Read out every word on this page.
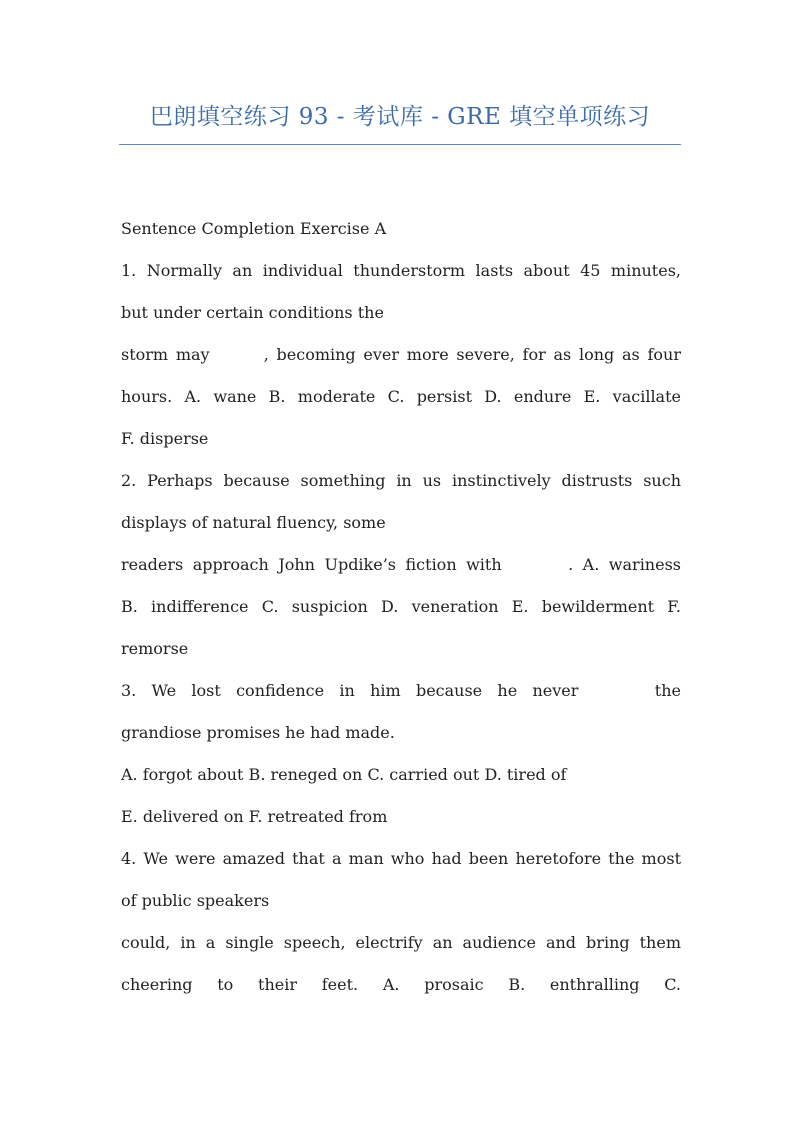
巴朗填空练习 93 - 考试库 - GRE 填空单项练习
Sentence Completion Exercise A
1. Normally an individual thunderstorm lasts about 45 minutes,
but under certain conditions the
storm may       , becoming ever more severe, for as long as four
hours. A. wane B. moderate C. persist D. endure E. vacillate
F. disperse
2. Perhaps because something in us instinctively distrusts such
displays of natural fluency, some
readers approach John Updike’s fiction with       . A. wariness
B. indifference C. suspicion D. veneration E. bewilderment F.
remorse
3.  We  lost  confidence  in  him  because  he  never          the
grandiose promises he had made.
A. forgot about B. reneged on C. carried out D. tired of
E. delivered on F. retreated from
4. We were amazed that a man who had been heretofore the most
of public speakers
could, in a single speech, electrify an audience and bring them
cheering  to  their  feet.  A.  prosaic  B.  enthralling  C.
